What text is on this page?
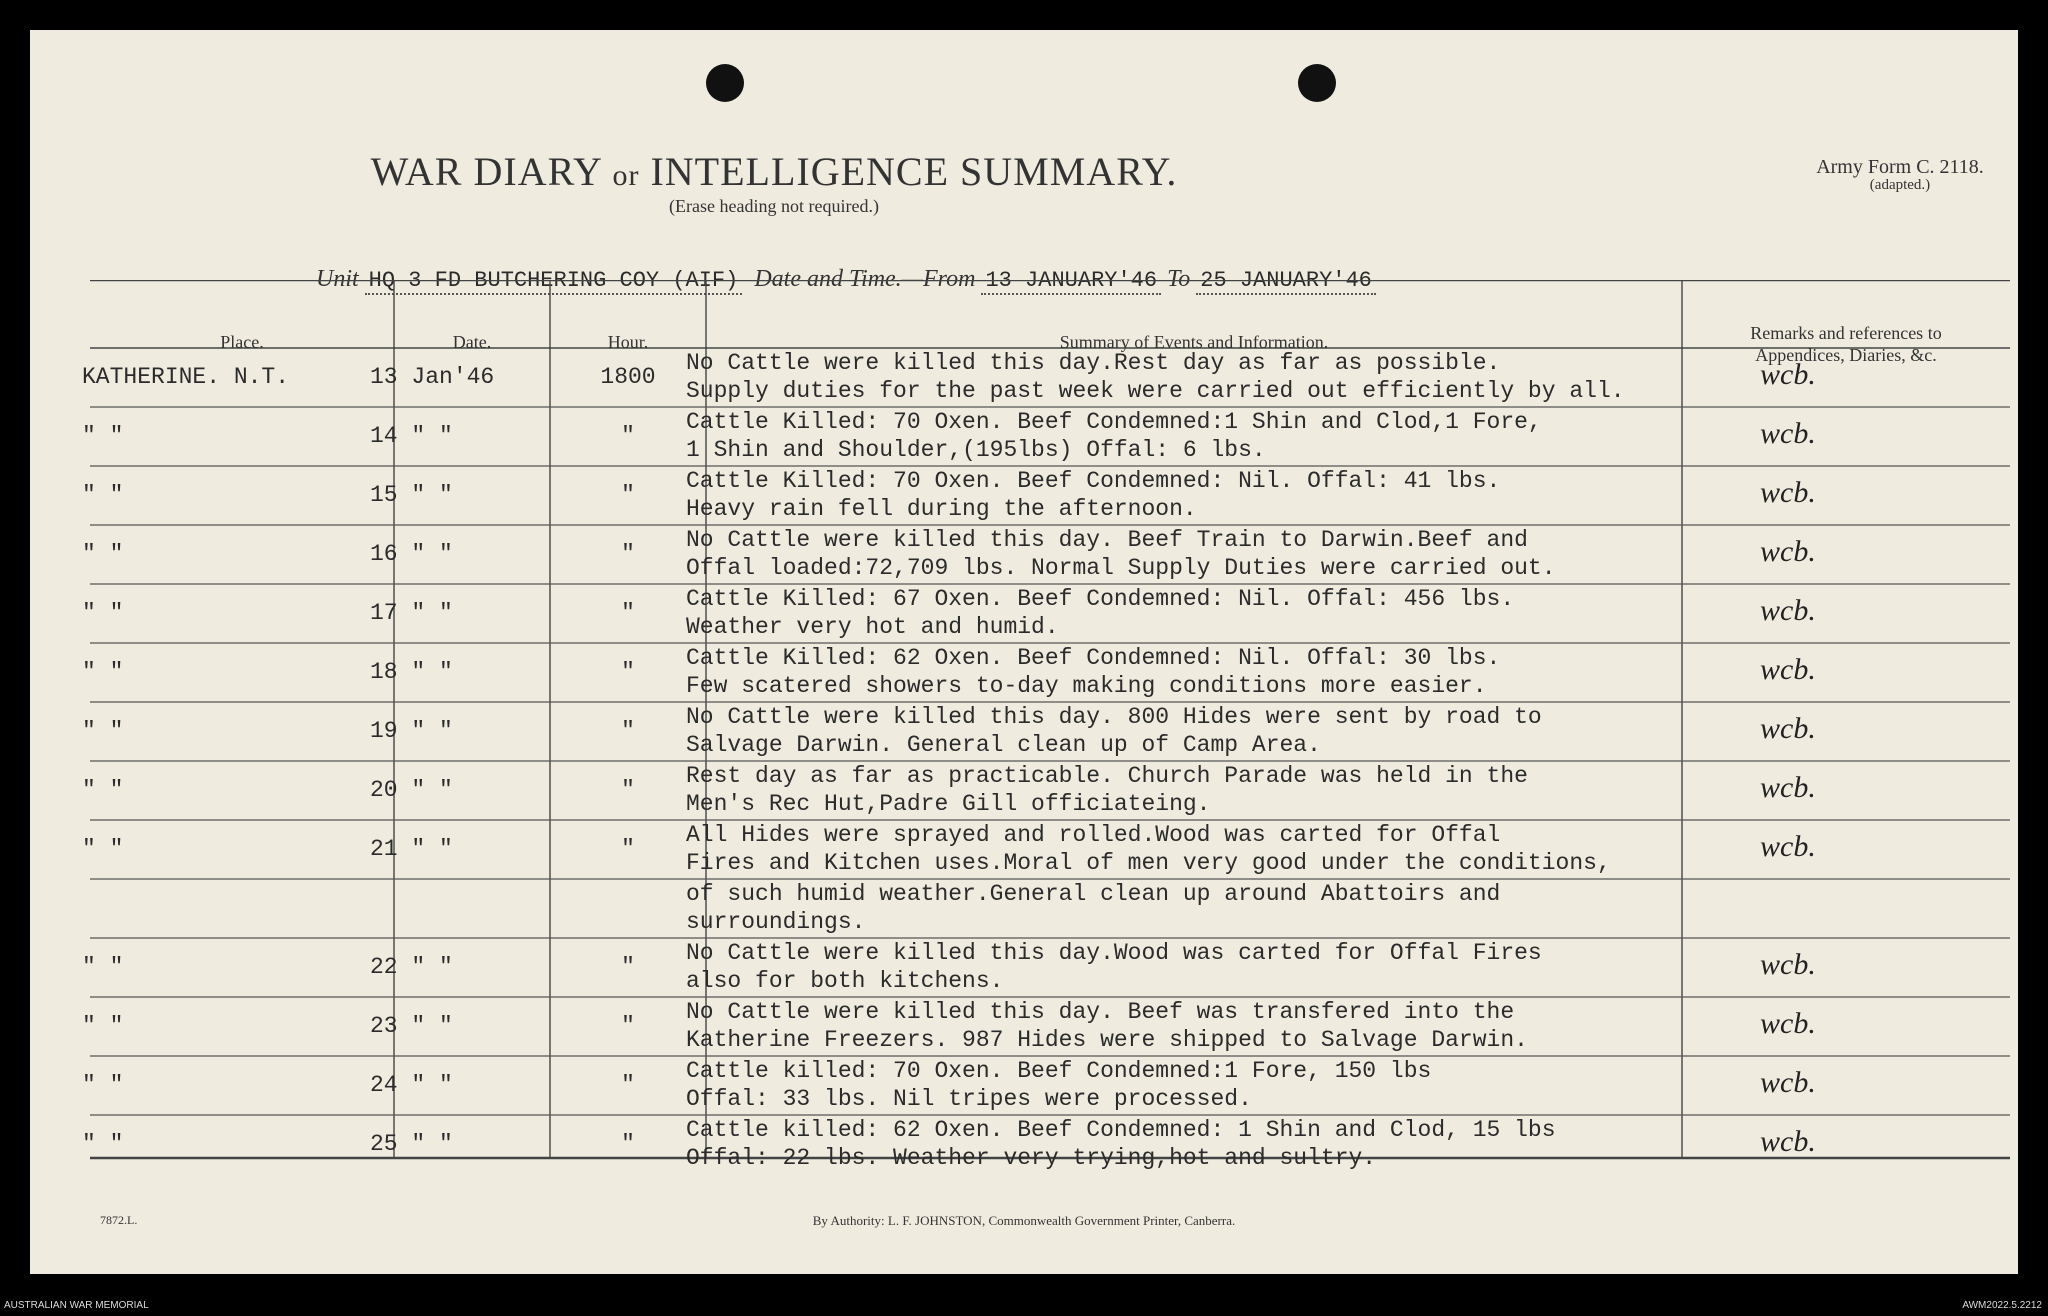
WAR DIARY or INTELLIGENCE SUMMARY.
(Erase heading not required.)
Army Form C. 2118.
(adapted.)
Unit HQ 3 FD BUTCHERING COY (AIF) Date and Time.—From 13 JANUARY'46 To 25 JANUARY'46
Place.	Date.	Hour.	Summary of Events and Information.	Remarks and references to
Appendices, Diaries, &c.
KATHERINE. N.T.	13 Jan'46	1800
No Cattle were killed this day.Rest day as far as possible.
Supply duties for the past week were carried out efficiently by all.	wcb.
" "	14 " "	"
Cattle Killed: 70 Oxen. Beef Condemned:1 Shin and Clod,1 Fore,
1 Shin and Shoulder,(195lbs) Offal: 6 lbs.	wcb.
" "	15 " "	"
Cattle Killed: 70 Oxen. Beef Condemned: Nil. Offal: 41 lbs.
Heavy rain fell during the afternoon.	wcb.
" "	16 " "	"
No Cattle were killed this day. Beef Train to Darwin.Beef and
Offal loaded:72,709 lbs. Normal Supply Duties were carried out.	wcb.
" "	17 " "	"
Cattle Killed: 67 Oxen. Beef Condemned: Nil. Offal: 456 lbs.
Weather very hot and humid.	wcb.
" "	18 " "	"
Cattle Killed: 62 Oxen. Beef Condemned: Nil. Offal: 30 lbs.
Few scatered showers to-day making conditions more easier.	wcb.
" "	19 " "	"
No Cattle were killed this day. 800 Hides were sent by road to
Salvage Darwin. General clean up of Camp Area.	wcb.
" "	20 " "	"
Rest day as far as practicable. Church Parade was held in the
Men's Rec Hut,Padre Gill officiateing.	wcb.
" "	21 " "	"
All Hides were sprayed and rolled.Wood was carted for Offal
Fires and Kitchen uses.Moral of men very good under the conditions,	wcb.
of such humid weather.General clean up around Abattoirs and
surroundings.
" "	22 " "	"
No Cattle were killed this day.Wood was carted for Offal Fires
also for both kitchens.	wcb.
" "	23 " "	"
No Cattle were killed this day. Beef was transfered into the
Katherine Freezers. 987 Hides were shipped to Salvage Darwin.	wcb.
" "	24 " "	"
Cattle killed: 70 Oxen. Beef Condemned:1 Fore, 150 lbs
Offal: 33 lbs. Nil tripes were processed.	wcb.
" "	25 " "	"
Cattle killed: 62 Oxen. Beef Condemned: 1 Shin and Clod, 15 lbs
Offal: 22 lbs. Weather very trying,hot and sultry.	wcb.
7872.L.	By Authority: L. F. JOHNSTON, Commonwealth Government Printer, Canberra.
AUSTRALIAN WAR MEMORIAL	AWM2022.5.2212
